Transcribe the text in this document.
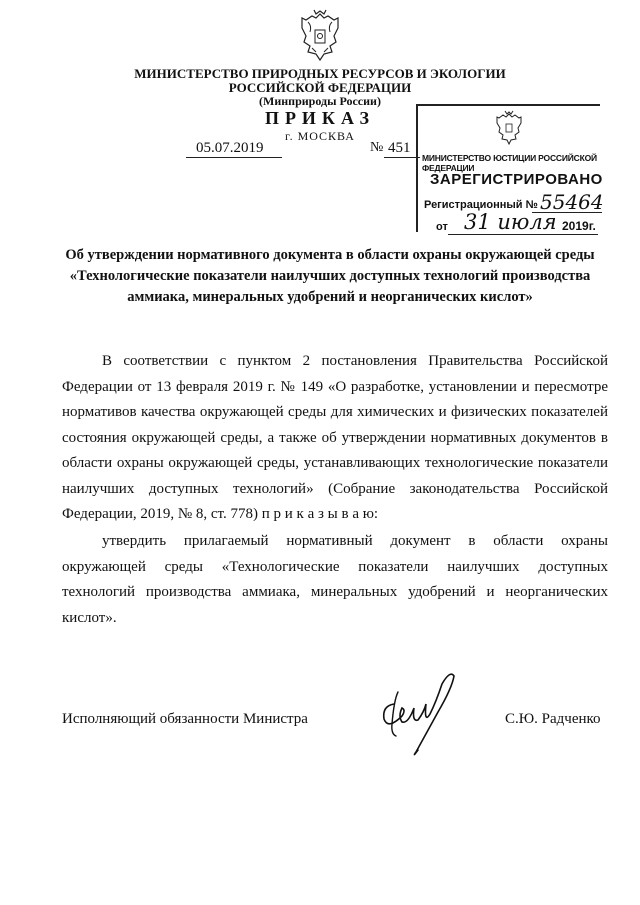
МИНИСТЕРСТВО ПРИРОДНЫХ РЕСУРСОВ И ЭКОЛОГИИ
РОССИЙСКОЙ ФЕДЕРАЦИИ
(Минприроды России)
ПРИКАЗ
г. МОСКВА
05.07.2019	№ 451
МИНИСТЕРСТВО ЮСТИЦИИ РОССИЙСКОЙ ФЕДЕРАЦИИ
ЗАРЕГИСТРИРОВАНО
Регистрационный № 55464
от 31 июля 2019г.
Об утверждении нормативного документа в области охраны окружающей среды «Технологические показатели наилучших доступных технологий производства аммиака, минеральных удобрений и неорганических кислот»
В соответствии с пунктом 2 постановления Правительства Российской Федерации от 13 февраля 2019 г. № 149 «О разработке, установлении и пересмотре нормативов качества окружающей среды для химических и физических показателей состояния окружающей среды, а также об утверждении нормативных документов в области охраны окружающей среды, устанавливающих технологические показатели наилучших доступных технологий» (Собрание законодательства Российской Федерации, 2019, № 8, ст. 778) п р и к а з ы в а ю:
утвердить прилагаемый нормативный документ в области охраны окружающей среды «Технологические показатели наилучших доступных технологий производства аммиака, минеральных удобрений и неорганических кислот».
Исполняющий обязанности Министра	С.Ю. Радченко
